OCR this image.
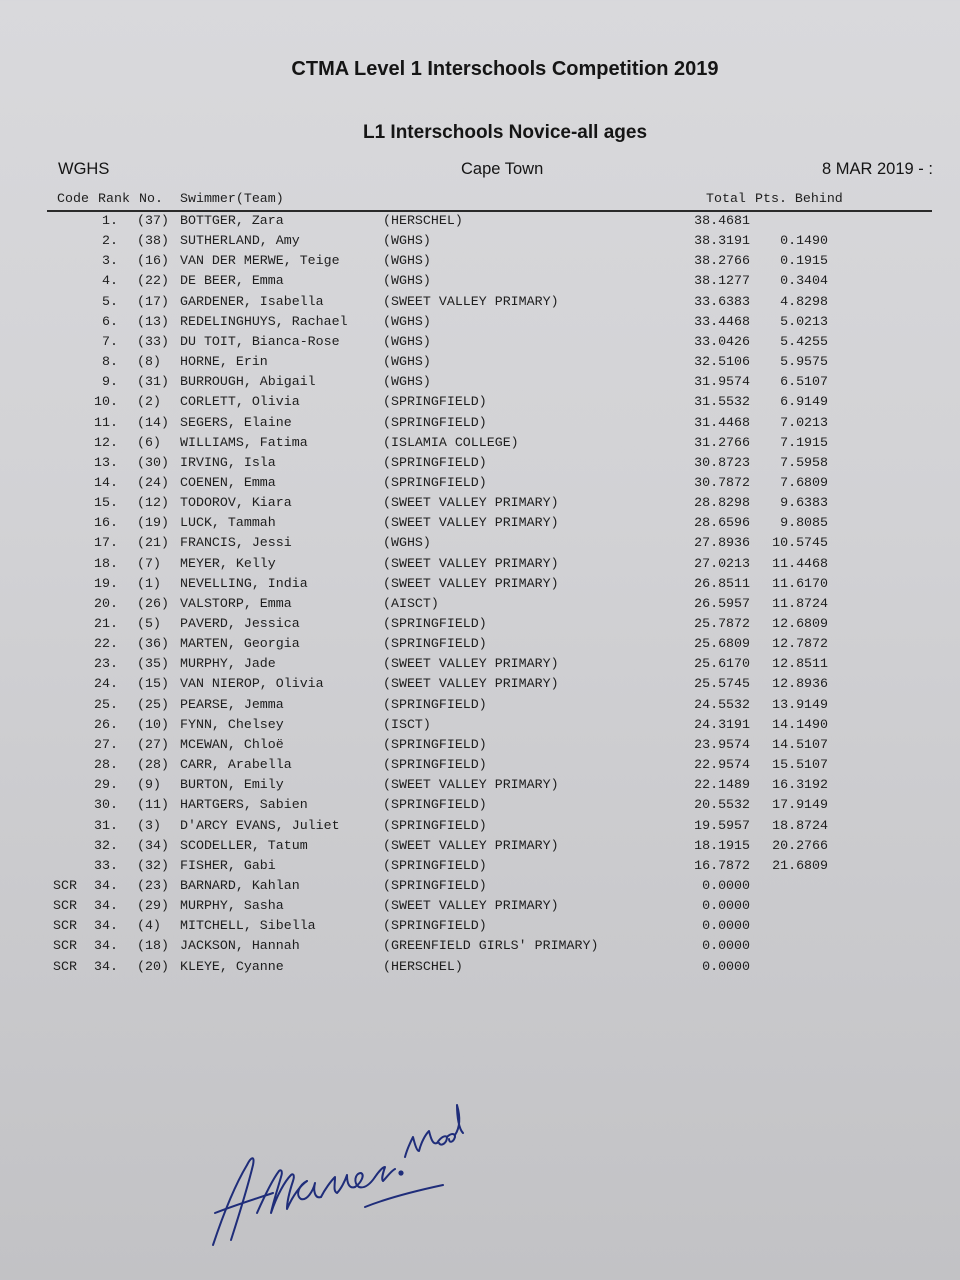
CTMA Level 1 Interschools Competition 2019
L1 Interschools Novice-all ages
WGHS	Cape Town	8 MAR 2019 - :
Code Rank No. Swimmer(Team)	Total Pts. Behind
1. (37) BOTTGER, Zara	(HERSCHEL)	38.4681
2. (38) SUTHERLAND, Amy	(WGHS)	38.3191	0.1490
3. (16) VAN DER MERWE, Teige	(WGHS)	38.2766	0.1915
4. (22) DE BEER, Emma	(WGHS)	38.1277	0.3404
5. (17) GARDENER, Isabella	(SWEET VALLEY PRIMARY)	33.6383	4.8298
6. (13) REDELINGHUYS, Rachael	(WGHS)	33.4468	5.0213
7. (33) DU TOIT, Bianca-Rose	(WGHS)	33.0426	5.4255
8. (8) HORNE, Erin	(WGHS)	32.5106	5.9575
9. (31) BURROUGH, Abigail	(WGHS)	31.9574	6.5107
10. (2) CORLETT, Olivia	(SPRINGFIELD)	31.5532	6.9149
11. (14) SEGERS, Elaine	(SPRINGFIELD)	31.4468	7.0213
12. (6) WILLIAMS, Fatima	(ISLAMIA COLLEGE)	31.2766	7.1915
13. (30) IRVING, Isla	(SPRINGFIELD)	30.8723	7.5958
14. (24) COENEN, Emma	(SPRINGFIELD)	30.7872	7.6809
15. (12) TODOROV, Kiara	(SWEET VALLEY PRIMARY)	28.8298	9.6383
16. (19) LUCK, Tammah	(SWEET VALLEY PRIMARY)	28.6596	9.8085
17. (21) FRANCIS, Jessi	(WGHS)	27.8936	10.5745
18. (7) MEYER, Kelly	(SWEET VALLEY PRIMARY)	27.0213	11.4468
19. (1) NEVELLING, India	(SWEET VALLEY PRIMARY)	26.8511	11.6170
20. (26) VALSTORP, Emma	(AISCT)	26.5957	11.8724
21. (5) PAVERD, Jessica	(SPRINGFIELD)	25.7872	12.6809
22. (36) MARTEN, Georgia	(SPRINGFIELD)	25.6809	12.7872
23. (35) MURPHY, Jade	(SWEET VALLEY PRIMARY)	25.6170	12.8511
24. (15) VAN NIEROP, Olivia	(SWEET VALLEY PRIMARY)	25.5745	12.8936
25. (25) PEARSE, Jemma	(SPRINGFIELD)	24.5532	13.9149
26. (10) FYNN, Chelsey	(ISCT)	24.3191	14.1490
27. (27) MCEWAN, Chloë	(SPRINGFIELD)	23.9574	14.5107
28. (28) CARR, Arabella	(SPRINGFIELD)	22.9574	15.5107
29. (9) BURTON, Emily	(SWEET VALLEY PRIMARY)	22.1489	16.3192
30. (11) HARTGERS, Sabien	(SPRINGFIELD)	20.5532	17.9149
31. (3) D'ARCY EVANS, Juliet	(SPRINGFIELD)	19.5957	18.8724
32. (34) SCODELLER, Tatum	(SWEET VALLEY PRIMARY)	18.1915	20.2766
33. (32) FISHER, Gabi	(SPRINGFIELD)	16.7872	21.6809
SCR	34. (23) BARNARD, Kahlan	(SPRINGFIELD)	0.0000
SCR	34. (29) MURPHY, Sasha	(SWEET VALLEY PRIMARY)	0.0000
SCR	34. (4) MITCHELL, Sibella	(SPRINGFIELD)	0.0000
SCR	34. (18) JACKSON, Hannah	(GREENFIELD GIRLS' PRIMARY)	0.0000
SCR	34. (20) KLEYE, Cyanne	(HERSCHEL)	0.0000
